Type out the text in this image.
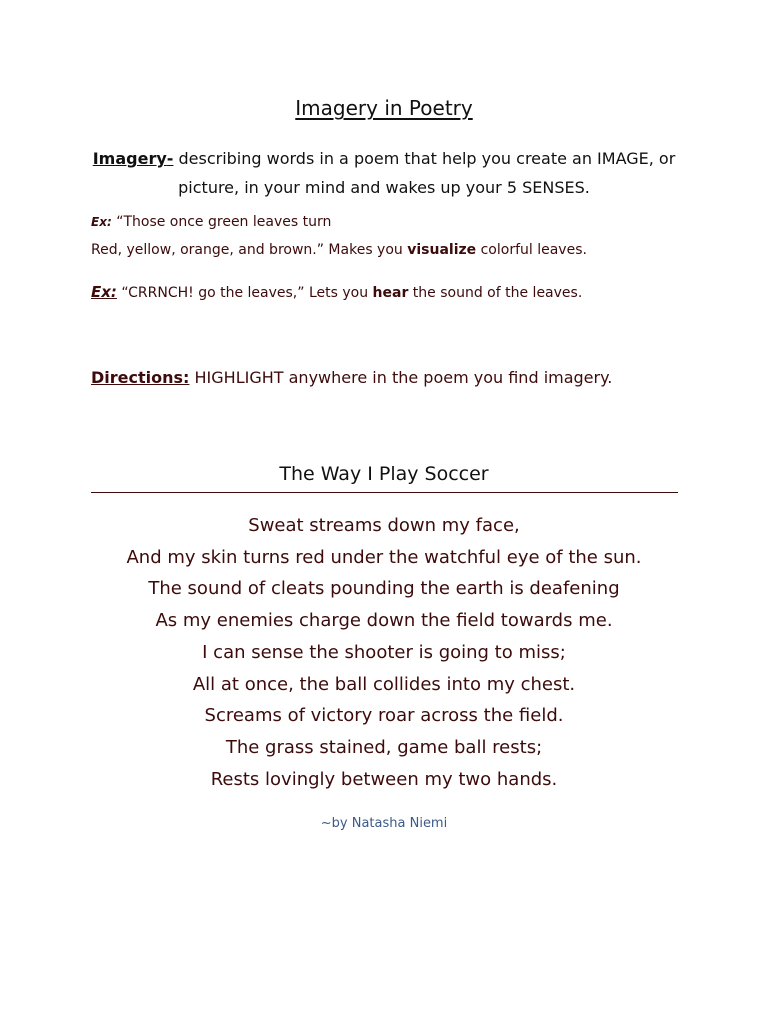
Imagery in Poetry
Imagery- describing words in a poem that help you create an IMAGE, or picture, in your mind and wakes up your 5 SENSES.
Ex: “Those once green leaves turn
Red, yellow, orange, and brown.” Makes you visualize colorful leaves.
Ex: “CRRNCH! go the leaves,” Lets you hear the sound of the leaves.
Directions: HIGHLIGHT anywhere in the poem you find imagery.
The Way I Play Soccer
Sweat streams down my face,
And my skin turns red under the watchful eye of the sun.
The sound of cleats pounding the earth is deafening
As my enemies charge down the field towards me.
I can sense the shooter is going to miss;
All at once, the ball collides into my chest.
Screams of victory roar across the field.
The grass stained, game ball rests;
Rests lovingly between my two hands.
~by Natasha Niemi
